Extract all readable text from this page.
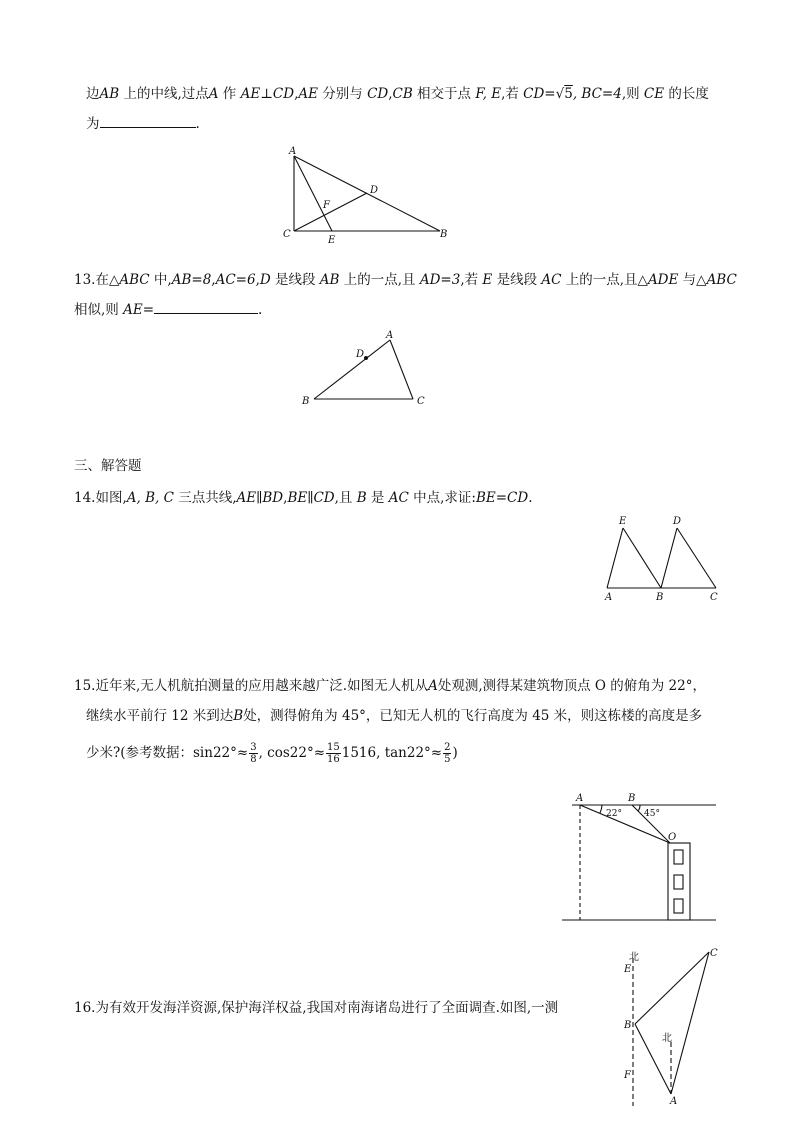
边AB 上的中线,过点A 作 AE⊥CD,AE 分别与 CD,CB 相交于点 F, E,若 CD=√5, BC=4,则 CE 的长度
为	.
A
C	B
D
F
E
13.在△ABC 中,AB=8,AC=6,D 是线段 AB 上的一点,且 AD=3,若 E 是线段 AC 上的一点,且△ADE 与△ABC
相似,则 AE=	.
A
B	C
D
三、解答题
14.如图,A, B, C 三点共线,AE∥BD,BE∥CD,且 B 是 AC 中点,求证:BE=CD.
E	D
A	B	C
15.近年来,无人机航拍测量的应用越来越广泛.如图无人机从A处观测,测得某建筑物顶点 O 的俯角为 22°，
继续水平前行 12 米到达B处，测得俯角为 45°，已知无人机的飞行高度为 45 米，则这栋楼的高度是多
少米?(参考数据：$\sin 22^\circ\approx \frac{3}{8}$ , $\cos 22^\circ\approx \frac{15}{16} 1516$, $\tan 22^\circ\approx \frac{2}{5}$ )
A	B
O
22° 45°
16.为有效开发海洋资源,保护海洋权益,我国对南海诸岛进行了全面调查.如图,一测
北
北
E
B
F
A
C
